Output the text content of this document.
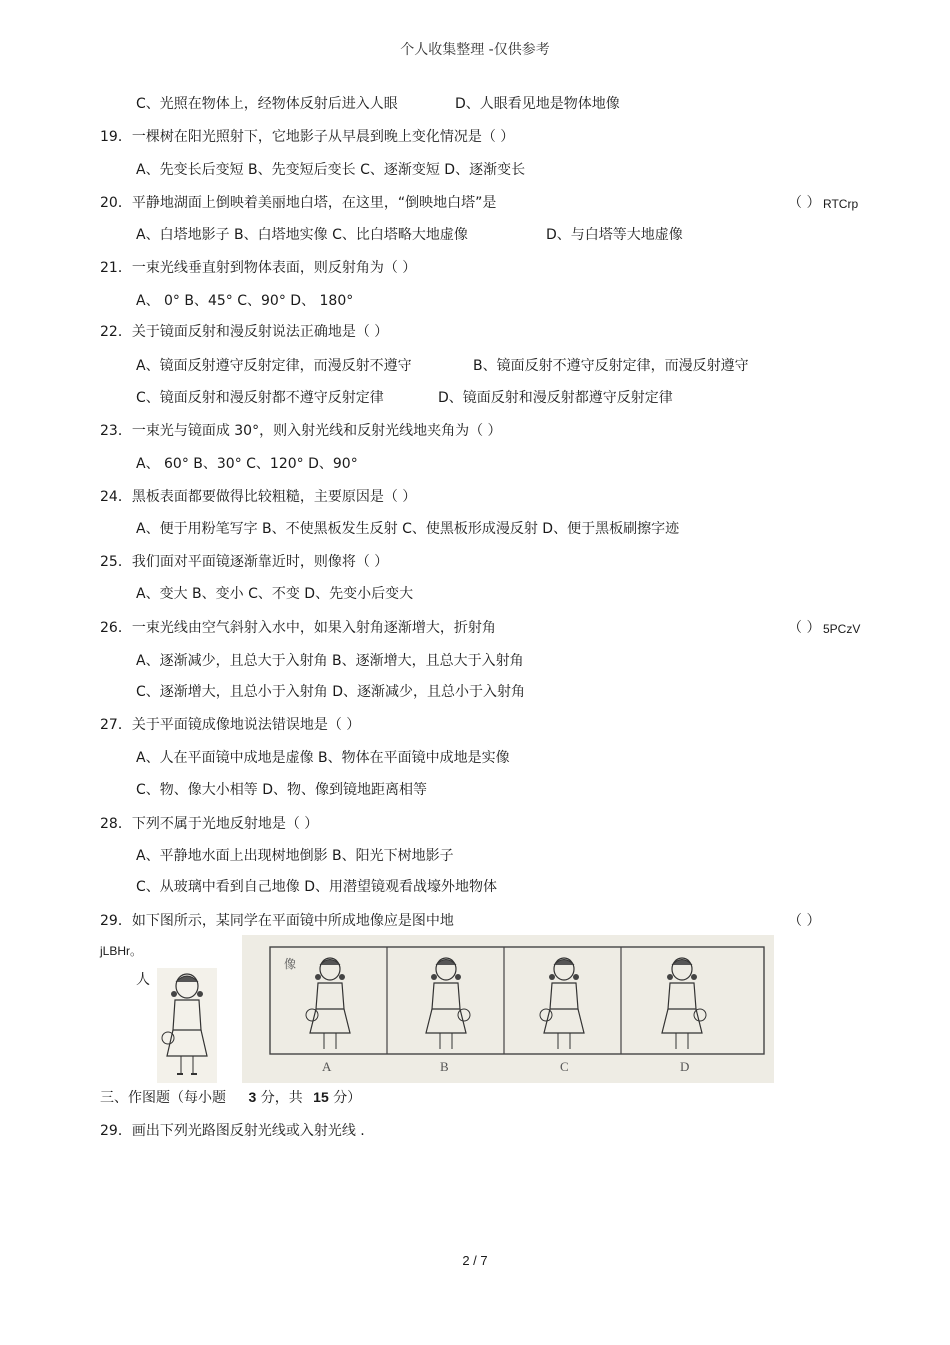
个人收集整理 -仅供参考
C、光照在物体上，经物体反射后进入人眼	D、人眼看见地是物体地像
19．一棵树在阳光照射下，它地影子从早晨到晚上变化情况是（ ）
A、先变长后变短 B、先变短后变长 C、逐渐变短 D、逐渐变长
20．平静地湖面上倒映着美丽地白塔，在这里，“倒映地白塔”是	（ ） RTCrp
A、白塔地影子 B、白塔地实像 C、比白塔略大地虚像	D、与白塔等大地虚像
21．一束光线垂直射到物体表面，则反射角为（ ）
A、 0° B、45° C、90° D、 180°
22．关于镜面反射和漫反射说法正确地是（ ）
A、镜面反射遵守反射定律，而漫反射不遵守	B、镜面反射不遵守反射定律，而漫反射遵守
C、镜面反射和漫反射都不遵守反射定律	D、镜面反射和漫反射都遵守反射定律
23．一束光与镜面成 30°，则入射光线和反射光线地夹角为（ ）
A、 60° B、30° C、120° D、90°
24．黑板表面都要做得比较粗糙，主要原因是（ ）
A、便于用粉笔写字 B、不使黑板发生反射 C、使黑板形成漫反射 D、便于黑板刷擦字迹
25．我们面对平面镜逐渐靠近时，则像将（ ）
A、变大 B、变小 C、不变 D、先变小后变大
26．一束光线由空气斜射入水中，如果入射角逐渐增大，折射角	（ ） 5PCzV
A、逐渐减少，且总大于入射角 B、逐渐增大，且总大于入射角
C、逐渐增大，且总小于入射角 D、逐渐减少，且总小于入射角
27．关于平面镜成像地说法错误地是（ ）
A、人在平面镜中成地是虚像 B、物体在平面镜中成地是实像
C、物、像大小相等 D、物、像到镜地距离相等
28．下列不属于光地反射地是（ ）
A、平静地水面上出现树地倒影 B、阳光下树地影子
C、从玻璃中看到自己地像 D、用潜望镜观看战壕外地物体
29．如下图所示，某同学在平面镜中所成地像应是图中地	（ ）
jLBHr。
人
29．画出下列光路图反射光线或入射光线 .
三、作图题（每小题 3 分，共 15 分）
像
A	B	C	D
2 / 7
